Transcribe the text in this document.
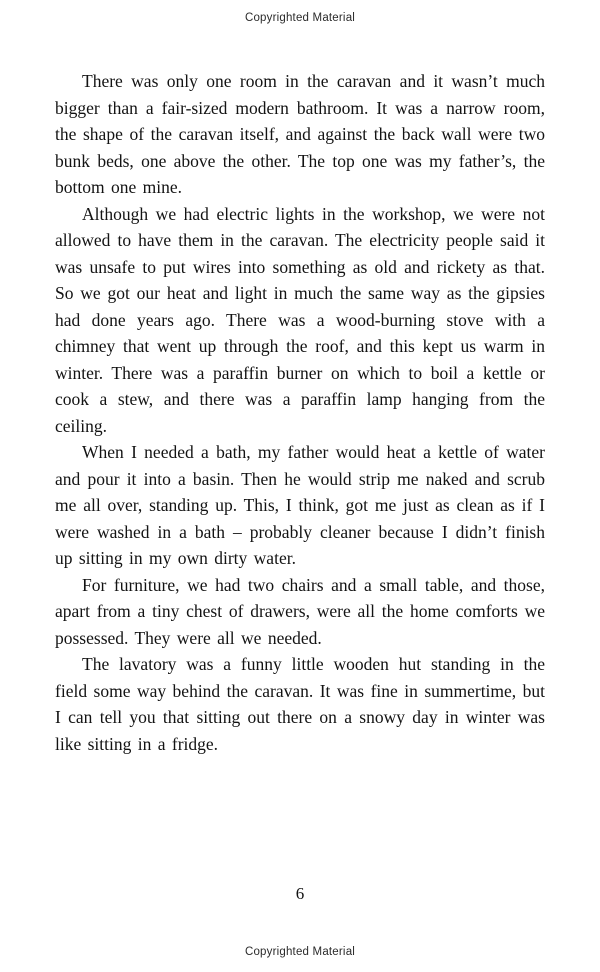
Copyrighted Material

There was only one room in the caravan and it wasn’t much bigger than a fair-sized modern bathroom. It was a narrow room, the shape of the caravan itself, and against the back wall were two bunk beds, one above the other. The top one was my father’s, the bottom one mine.

Although we had electric lights in the workshop, we were not allowed to have them in the caravan. The electricity people said it was unsafe to put wires into something as old and rickety as that. So we got our heat and light in much the same way as the gipsies had done years ago. There was a wood-burning stove with a chimney that went up through the roof, and this kept us warm in winter. There was a paraffin burner on which to boil a kettle or cook a stew, and there was a paraffin lamp hanging from the ceiling.

When I needed a bath, my father would heat a kettle of water and pour it into a basin. Then he would strip me naked and scrub me all over, standing up. This, I think, got me just as clean as if I were washed in a bath – probably cleaner because I didn’t finish up sitting in my own dirty water.

For furniture, we had two chairs and a small table, and those, apart from a tiny chest of drawers, were all the home comforts we possessed. They were all we needed.

The lavatory was a funny little wooden hut standing in the field some way behind the caravan. It was fine in summertime, but I can tell you that sitting out there on a snowy day in winter was like sitting in a fridge.

6
Copyrighted Material
